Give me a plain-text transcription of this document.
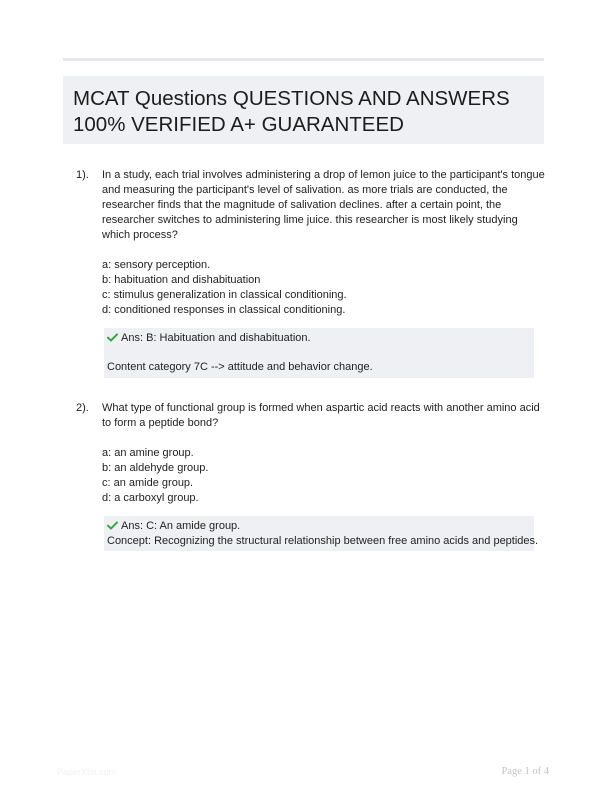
MCAT Questions QUESTIONS AND ANSWERS
100% VERIFIED A+ GUARANTEED
1). In a study, each trial involves administering a drop of lemon juice to the participant's tongue
and measuring the participant's level of salivation. as more trials are conducted, the
researcher finds that the magnitude of salivation declines. after a certain point, the
researcher switches to administering lime juice. this researcher is most likely studying
which process?
a: sensory perception.
b: habituation and dishabituation
c: stimulus generalization in classical conditioning.
d: conditioned responses in classical conditioning.
Ans: B: Habituation and dishabituation.
Content category 7C --> attitude and behavior change.
2). What type of functional group is formed when aspartic acid reacts with another amino acid
to form a peptide bond?
a: an amine group.
b: an aldehyde group.
c: an amide group.
d: a carboxyl group.
Ans: C: An amide group.
Concept: Recognizing the structural relationship between free amino acids and peptides.
PaperXbit.com	Page 1 of 4
